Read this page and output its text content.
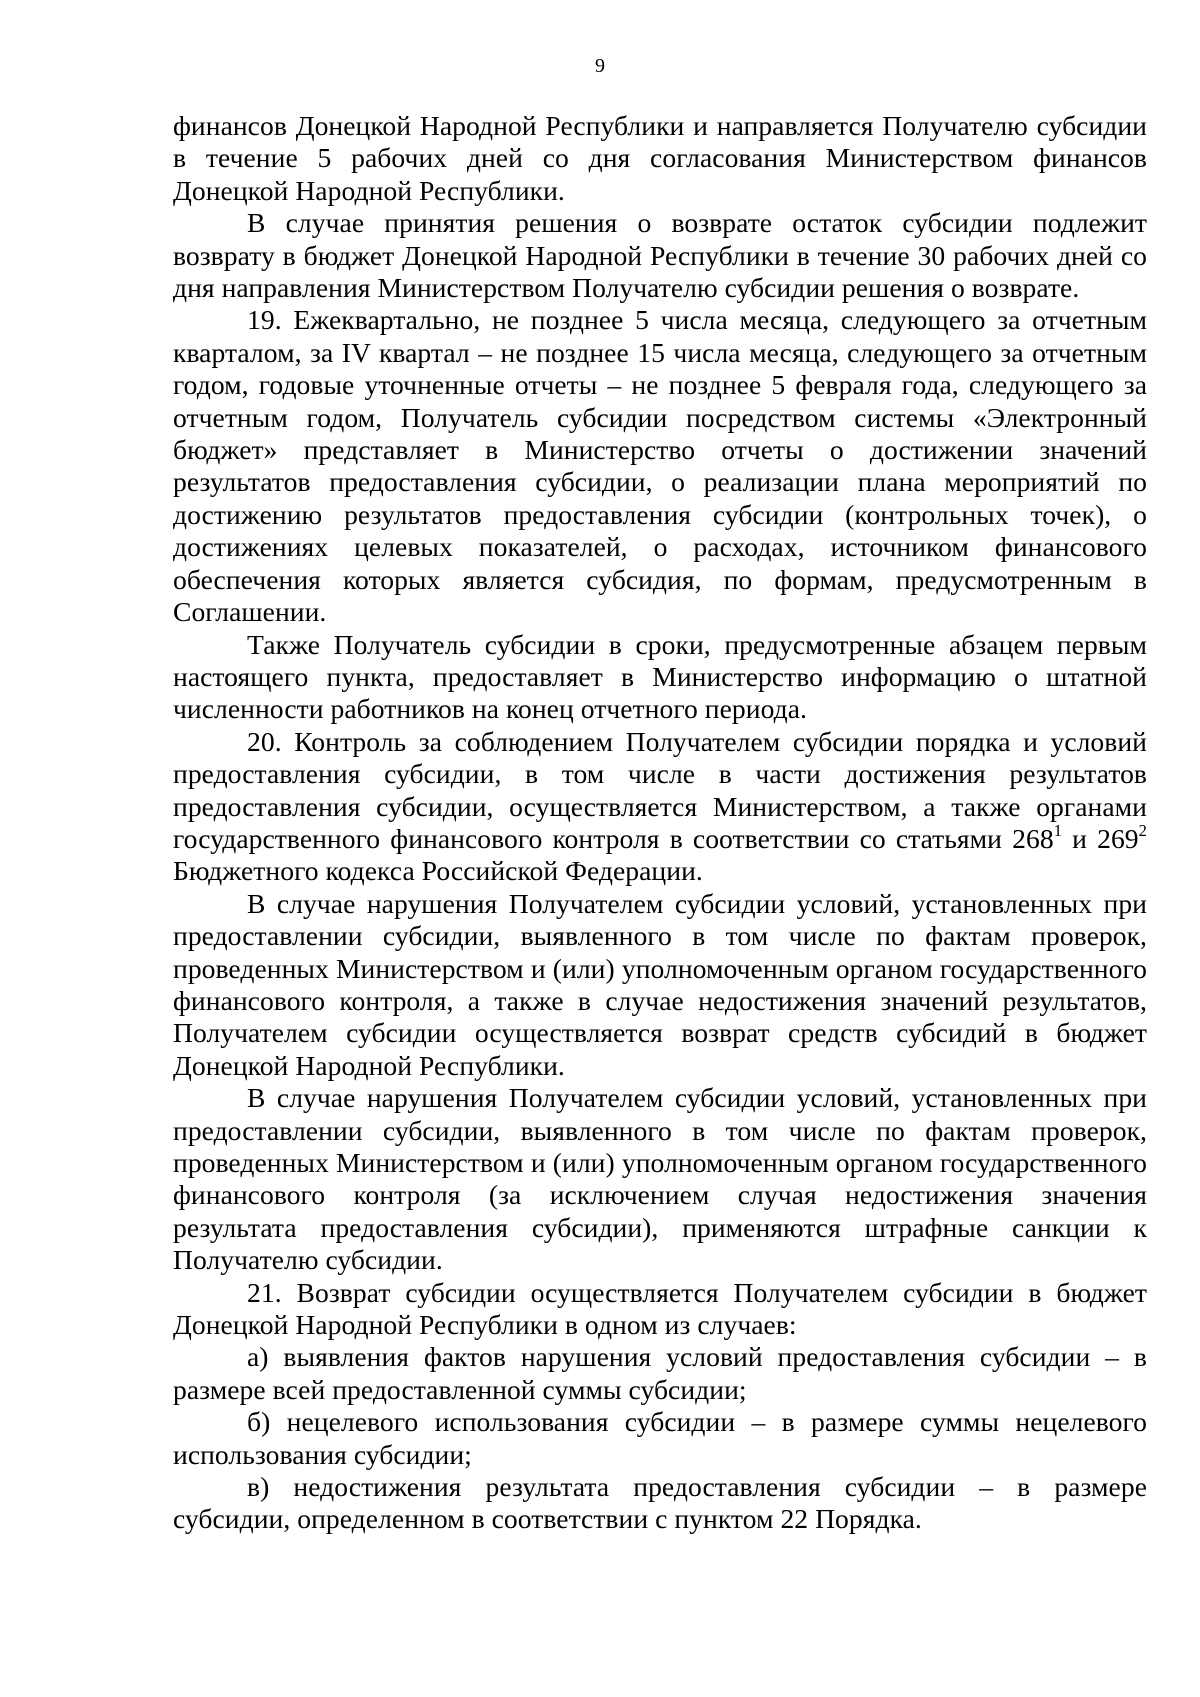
9

финансов Донецкой Народной Республики и направляется Получателю субсидии в течение 5 рабочих дней со дня согласования Министерством финансов Донецкой Народной Республики.

В случае принятия решения о возврате остаток субсидии подлежит возврату в бюджет Донецкой Народной Республики в течение 30 рабочих дней со дня направления Министерством Получателю субсидии решения о возврате.

19. Ежеквартально, не позднее 5 числа месяца, следующего за отчетным кварталом, за IV квартал – не позднее 15 числа месяца, следующего за отчетным годом, годовые уточненные отчеты – не позднее 5 февраля года, следующего за отчетным годом, Получатель субсидии посредством системы «Электронный бюджет» представляет в Министерство отчеты о достижении значений результатов предоставления субсидии, о реализации плана мероприятий по достижению результатов предоставления субсидии (контрольных точек), о достижениях целевых показателей, о расходах, источником финансового обеспечения которых является субсидия, по формам, предусмотренным в Соглашении.

Также Получатель субсидии в сроки, предусмотренные абзацем первым настоящего пункта, предоставляет в Министерство информацию о штатной численности работников на конец отчетного периода.

20. Контроль за соблюдением Получателем субсидии порядка и условий предоставления субсидии, в том числе в части достижения результатов предоставления субсидии, осуществляется Министерством, а также органами государственного финансового контроля в соответствии со статьями $268^1$ и $269^2$ Бюджетного кодекса Российской Федерации.

В случае нарушения Получателем субсидии условий, установленных при предоставлении субсидии, выявленного в том числе по фактам проверок, проведенных Министерством и (или) уполномоченным органом государственного финансового контроля, а также в случае недостижения значений результатов, Получателем субсидии осуществляется возврат средств субсидий в бюджет Донецкой Народной Республики.

В случае нарушения Получателем субсидии условий, установленных при предоставлении субсидии, выявленного в том числе по фактам проверок, проведенных Министерством и (или) уполномоченным органом государственного финансового контроля (за исключением случая недостижения значения результата предоставления субсидии), применяются штрафные санкции к Получателю субсидии.

21. Возврат субсидии осуществляется Получателем субсидии в бюджет Донецкой Народной Республики в одном из случаев:

а) выявления фактов нарушения условий предоставления субсидии – в размере всей предоставленной суммы субсидии;

б) нецелевого использования субсидии – в размере суммы нецелевого использования субсидии;

в) недостижения результата предоставления субсидии – в размере субсидии, определенном в соответствии с пунктом 22 Порядка.
